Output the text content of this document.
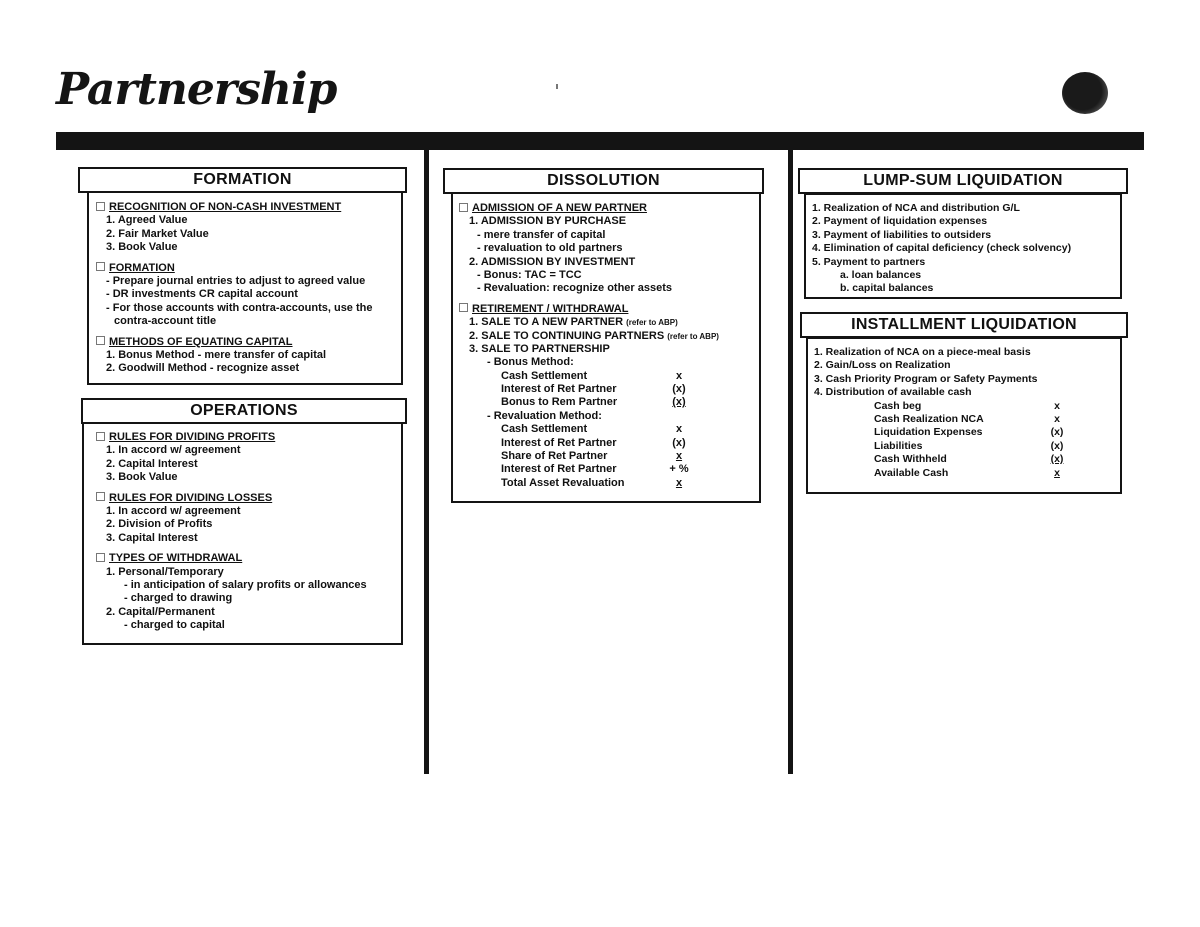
Partnership
FORMATION
RECOGNITION OF NON-CASH INVESTMENT
1. Agreed Value
2. Fair Market Value
3. Book Value
FORMATION
- Prepare journal entries to adjust to agreed value
- DR investments CR capital account
- For those accounts with contra-accounts, use the
contra-account title
METHODS OF EQUATING CAPITAL
1. Bonus Method - mere transfer of capital
2. Goodwill Method - recognize asset
OPERATIONS
RULES FOR DIVIDING PROFITS
1. In accord w/ agreement
2. Capital Interest
3. Book Value
RULES FOR DIVIDING LOSSES
1. In accord w/ agreement
2. Division of Profits
3. Capital Interest
TYPES OF WITHDRAWAL
1. Personal/Temporary
- in anticipation of salary profits or allowances
- charged to drawing
2. Capital/Permanent
- charged to capital
DISSOLUTION
ADMISSION OF A NEW PARTNER
1. ADMISSION BY PURCHASE
- mere transfer of capital
- revaluation to old partners
2. ADMISSION BY INVESTMENT
- Bonus: TAC = TCC
- Revaluation: recognize other assets
RETIREMENT / WITHDRAWAL
1. SALE TO A NEW PARTNER (refer to ABP)
2. SALE TO CONTINUING PARTNERS (refer to ABP)
3. SALE TO PARTNERSHIP
- Bonus Method:
Cash Settlement	x
Interest of Ret Partner	(x)
Bonus to Rem Partner	(x)
- Revaluation Method:
Cash Settlement	x
Interest of Ret Partner	(x)
Share of Ret Partner	x
Interest of Ret Partner	+ %
Total Asset Revaluation	x
LUMP-SUM LIQUIDATION
1. Realization of NCA and distribution G/L
2. Payment of liquidation expenses
3. Payment of liabilities to outsiders
4. Elimination of capital deficiency (check solvency)
5. Payment to partners
a. loan balances
b. capital balances
INSTALLMENT LIQUIDATION
1. Realization of NCA on a piece-meal basis
2. Gain/Loss on Realization
3. Cash Priority Program or Safety Payments
4. Distribution of available cash
Cash beg	x
Cash Realization NCA	x
Liquidation Expenses	(x)
Liabilities	(x)
Cash Withheld	(x)
Available Cash	x
